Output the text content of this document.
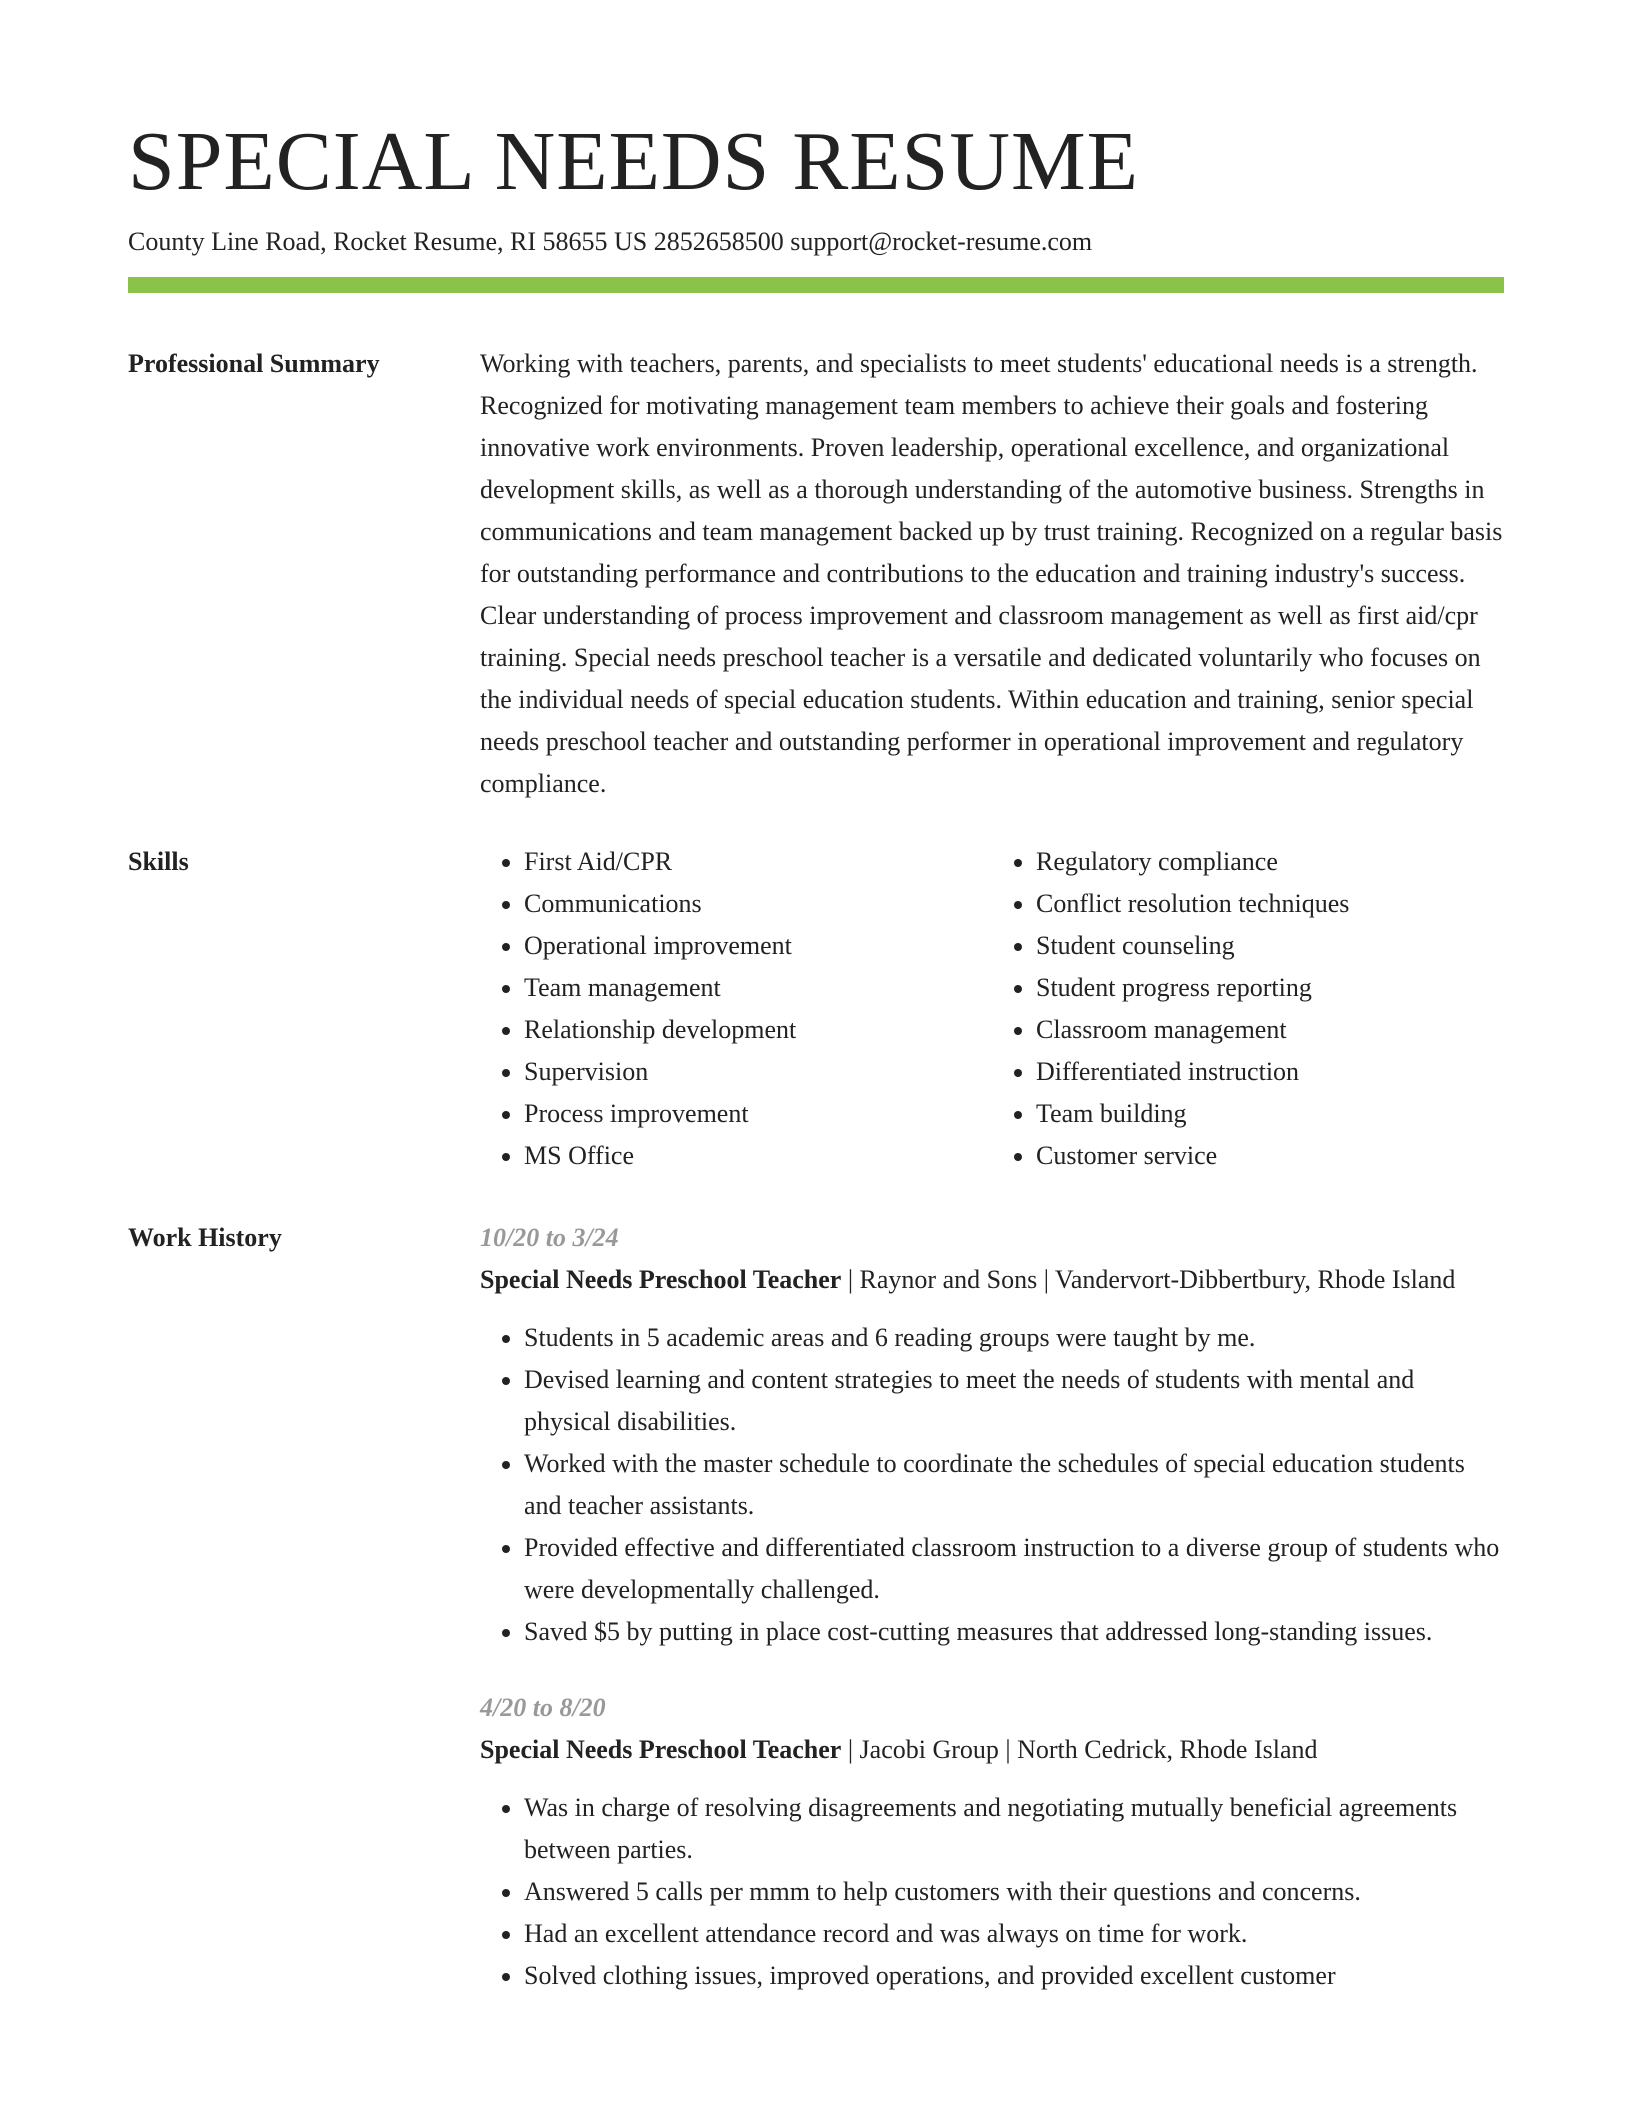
SPECIAL NEEDS RESUME
County Line Road, Rocket Resume, RI 58655 US 2852658500 support@rocket-resume.com
Professional Summary	Working with teachers, parents, and specialists to meet students' educational needs is a strength. Recognized for motivating management team members to achieve their goals and fostering innovative work environments. Proven leadership, operational excellence, and organizational development skills, as well as a thorough understanding of the automotive business. Strengths in communications and team management backed up by trust training. Recognized on a regular basis for outstanding performance and contributions to the education and training industry's success. Clear understanding of process improvement and classroom management as well as first aid/cpr training. Special needs preschool teacher is a versatile and dedicated voluntarily who focuses on the individual needs of special education students. Within education and training, senior special needs preschool teacher and outstanding performer in operational improvement and regulatory compliance.

Skills
•	First Aid/CPR
• Communications
• Operational improvement
• Team management
• Relationship development
• Supervision
• Process improvement
• MS Office
• Regulatory compliance
• Conflict resolution techniques
• Student counseling
• Student progress reporting
• Classroom management
• Differentiated instruction
• Team building
• Customer service
Work History	10/20 to 3/24
Special Needs Preschool Teacher | Raynor and Sons | Vandervort-Dibbertbury, Rhode Island
• Students in 5 academic areas and 6 reading groups were taught by me.
• Devised learning and content strategies to meet the needs of students with mental and physical disabilities.
• Worked with the master schedule to coordinate the schedules of special education students and teacher assistants.
• Provided effective and differentiated classroom instruction to a diverse group of students who were developmentally challenged.
• Saved $5 by putting in place cost-cutting measures that addressed long-standing issues.
4/20 to 8/20
Special Needs Preschool Teacher | Jacobi Group | North Cedrick, Rhode Island
• Was in charge of resolving disagreements and negotiating mutually beneficial agreements between parties.
• Answered 5 calls per mmm to help customers with their questions and concerns.
• Had an excellent attendance record and was always on time for work.
• Solved clothing issues, improved operations, and provided excellent customer
